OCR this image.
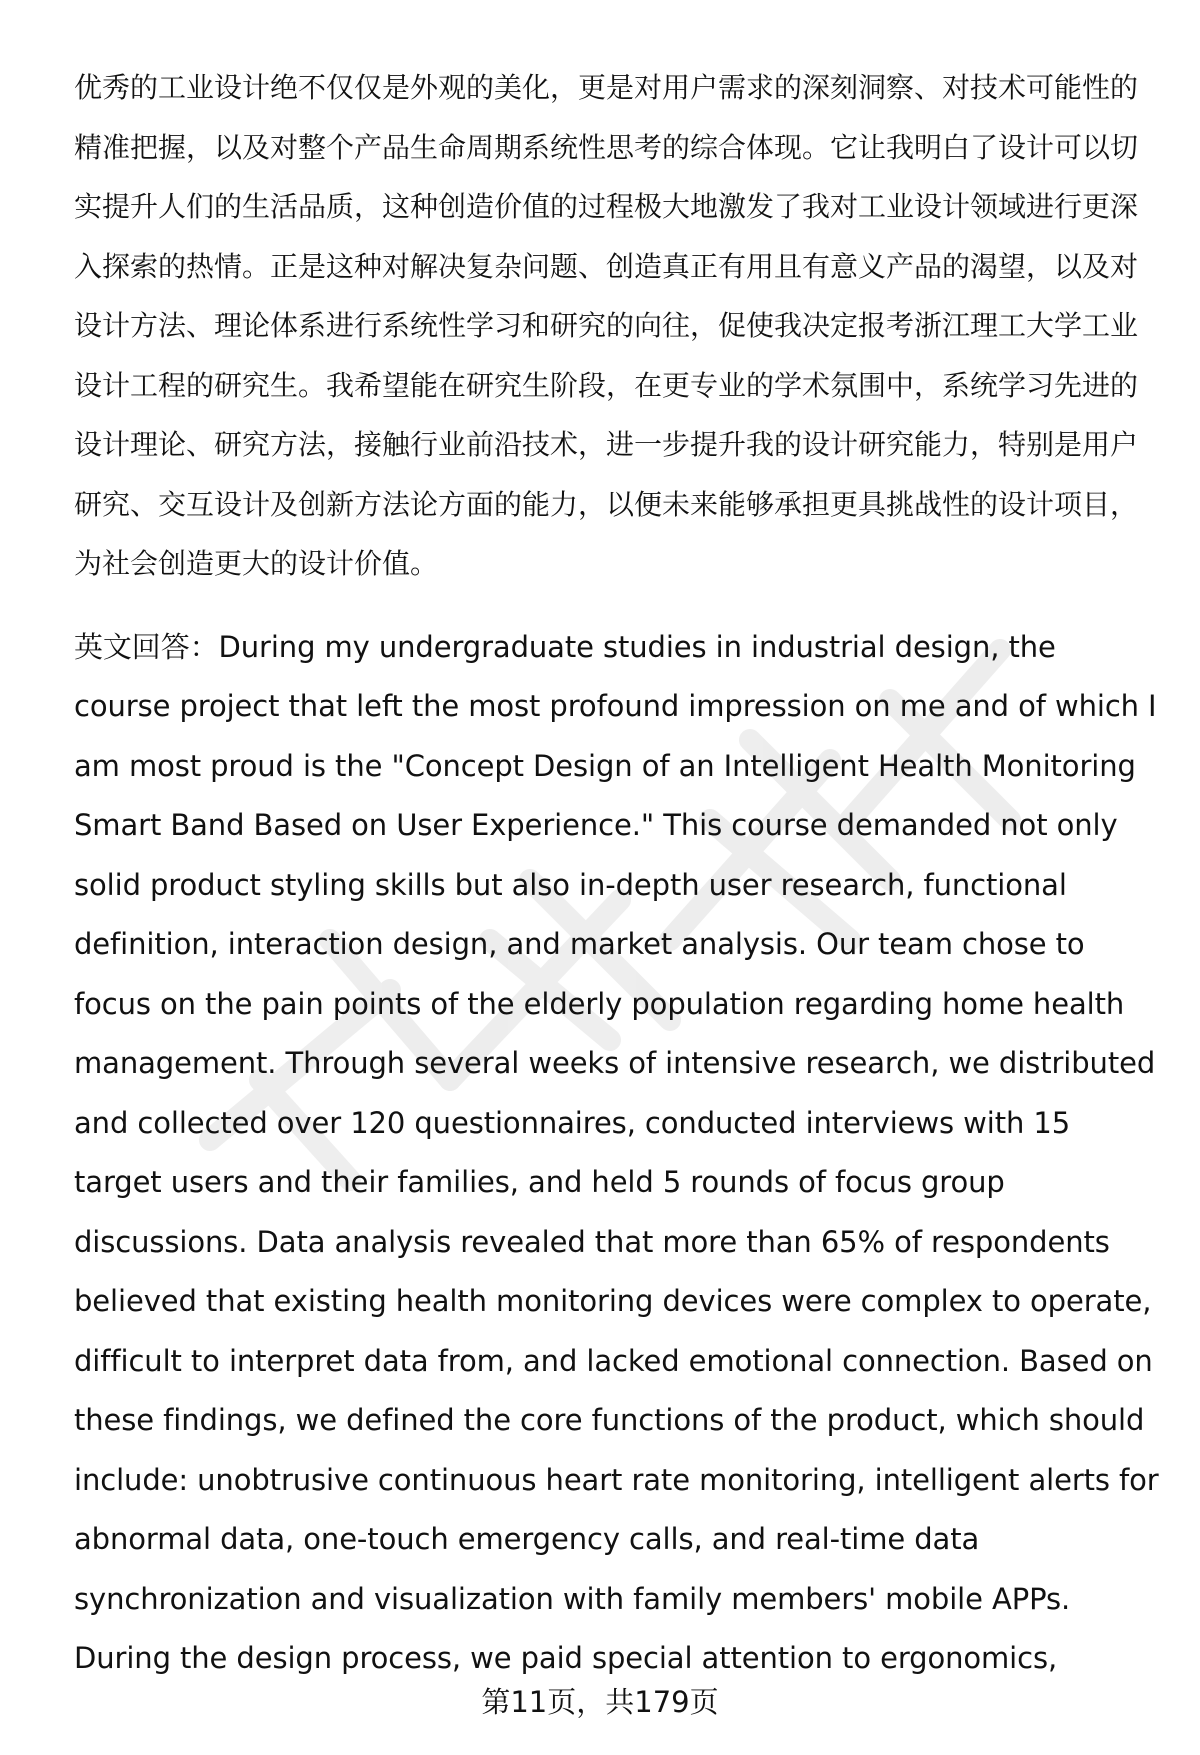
优秀的工业设计绝不仅仅是外观的美化，更是对用户需求的深刻洞察、对技术可能性的精准把握，以及对整个产品生命周期系统性思考的综合体现。它让我明白了设计可以切实提升人们的生活品质，这种创造价值的过程极大地激发了我对工业设计领域进行更深入探索的热情。正是这种对解决复杂问题、创造真正有用且有意义产品的渴望，以及对设计方法、理论体系进行系统性学习和研究的向往，促使我决定报考浙江理工大学工业设计工程的研究生。我希望能在研究生阶段，在更专业的学术氛围中，系统学习先进的设计理论、研究方法，接触行业前沿技术，进一步提升我的设计研究能力，特别是用户研究、交互设计及创新方法论方面的能力，以便未来能够承担更具挑战性的设计项目，为社会创造更大的设计价值。

英文回答：During my undergraduate studies in industrial design, the course project that left the most profound impression on me and of which I am most proud is the "Concept Design of an Intelligent Health Monitoring Smart Band Based on User Experience." This course demanded not only solid product styling skills but also in-depth user research, functional definition, interaction design, and market analysis. Our team chose to focus on the pain points of the elderly population regarding home health management. Through several weeks of intensive research, we distributed and collected over 120 questionnaires, conducted interviews with 15 target users and their families, and held 5 rounds of focus group discussions. Data analysis revealed that more than 65% of respondents believed that existing health monitoring devices were complex to operate, difficult to interpret data from, and lacked emotional connection. Based on these findings, we defined the core functions of the product, which should include: unobtrusive continuous heart rate monitoring, intelligent alerts for abnormal data, one-touch emergency calls, and real-time data synchronization and visualization with family members' mobile APPs. During the design process, we paid special attention to ergonomics,

第11页，共179页
